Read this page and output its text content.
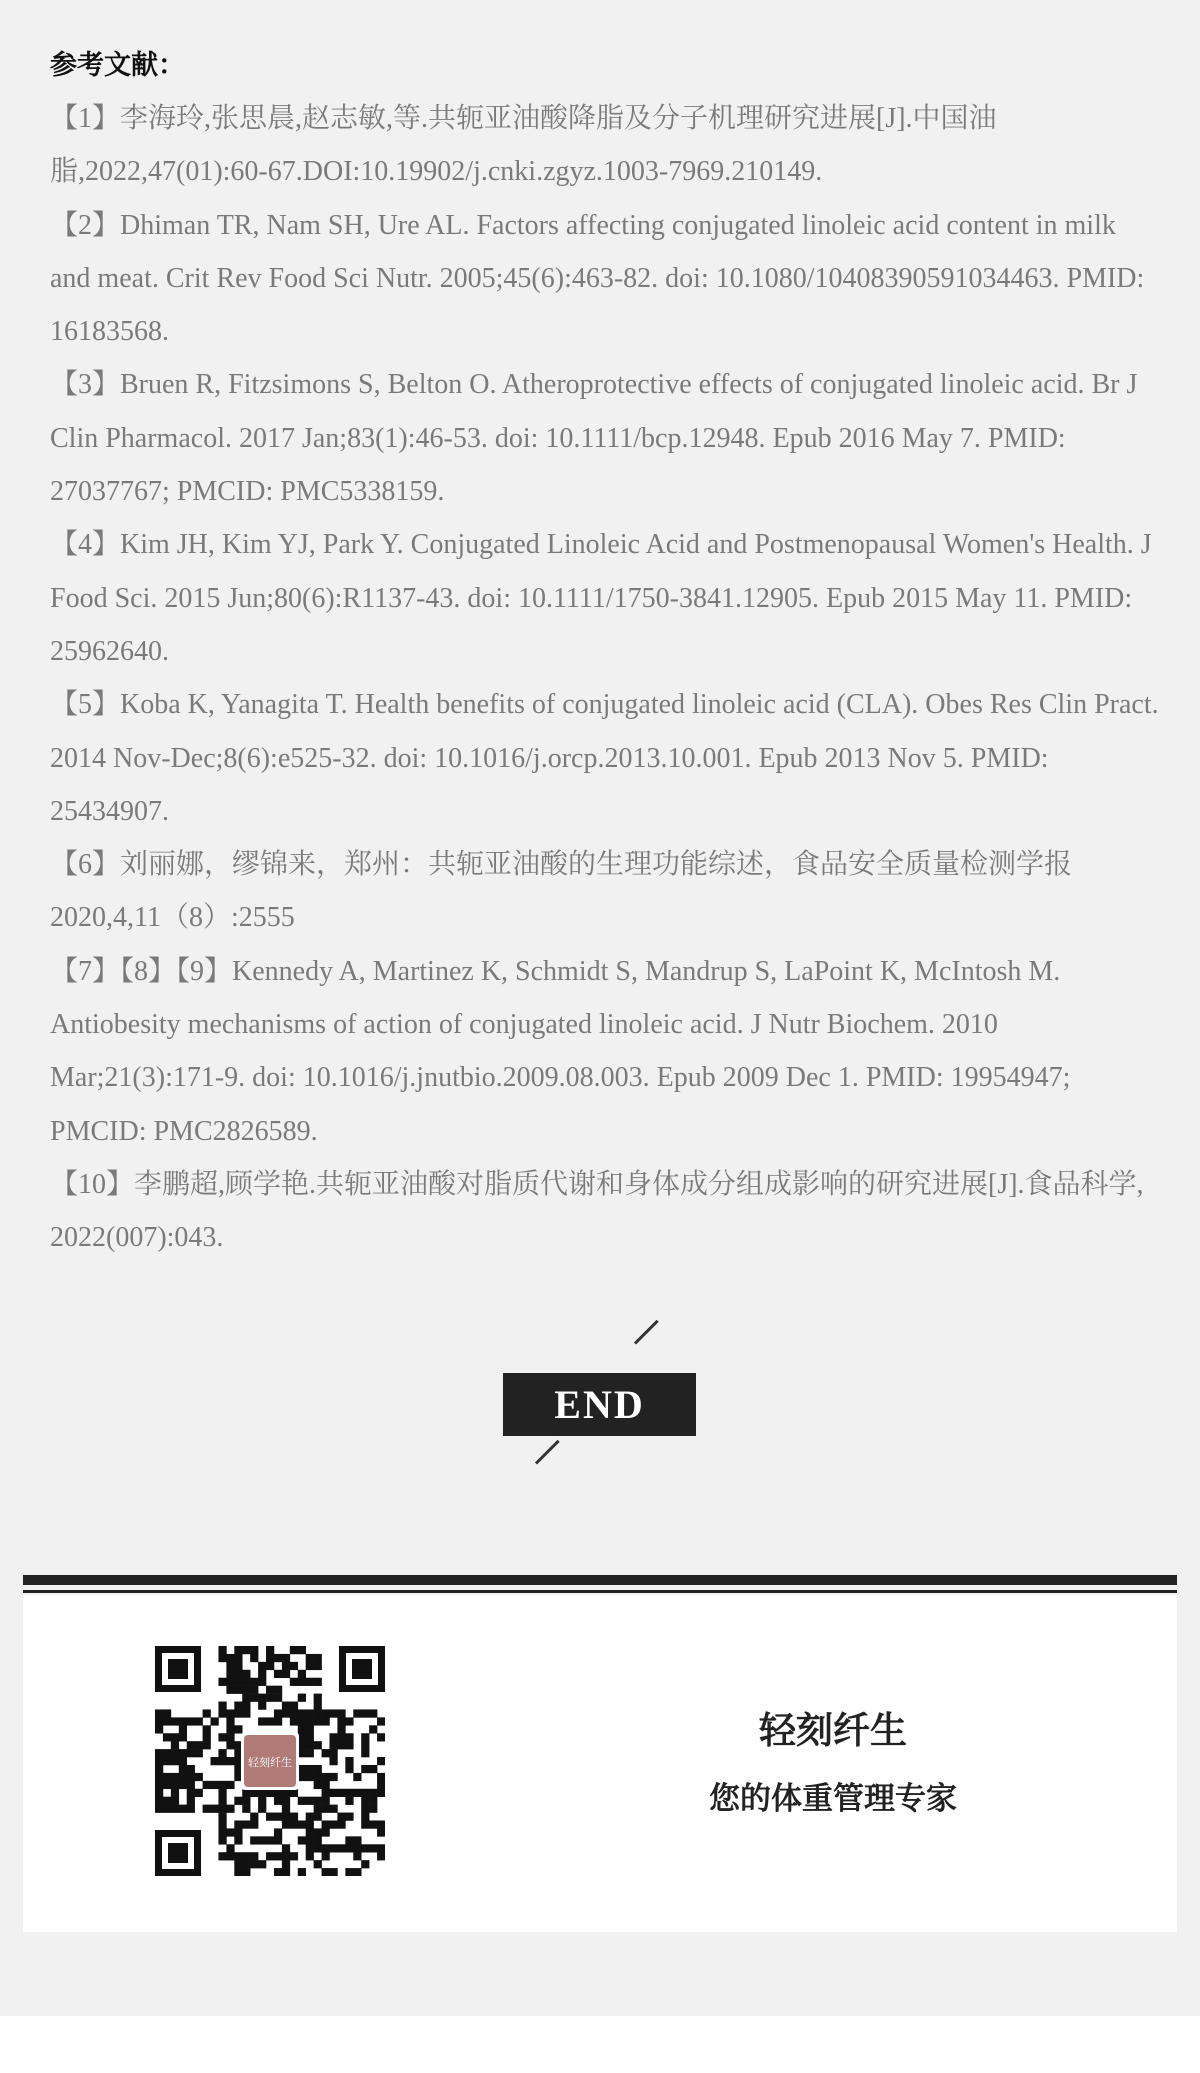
参考文献：

【1】李海玲,张思晨,赵志敏,等.共轭亚油酸降脂及分子机理研究进展[J].中国油脂,2022,47(01):60-67.DOI:10.19902/j.cnki.zgyz.1003-7969.210149.

【2】Dhiman TR, Nam SH, Ure AL. Factors affecting conjugated linoleic acid content in milk and meat. Crit Rev Food Sci Nutr. 2005;45(6):463-82. doi: 10.1080/10408390591034463. PMID: 16183568.

【3】Bruen R, Fitzsimons S, Belton O. Atheroprotective effects of conjugated linoleic acid. Br J Clin Pharmacol. 2017 Jan;83(1):46-53. doi: 10.1111/bcp.12948. Epub 2016 May 7. PMID: 27037767; PMCID: PMC5338159.

【4】Kim JH, Kim YJ, Park Y. Conjugated Linoleic Acid and Postmenopausal Women's Health. J Food Sci. 2015 Jun;80(6):R1137-43. doi: 10.1111/1750-3841.12905. Epub 2015 May 11. PMID: 25962640.

【5】Koba K, Yanagita T. Health benefits of conjugated linoleic acid (CLA). Obes Res Clin Pract. 2014 Nov-Dec;8(6):e525-32. doi: 10.1016/j.orcp.2013.10.001. Epub 2013 Nov 5. PMID: 25434907.

【6】刘丽娜，缪锦来，郑州：共轭亚油酸的生理功能综述，食品安全质量检测学报2020,4,11（8）:2555

【7】【8】【9】Kennedy A, Martinez K, Schmidt S, Mandrup S, LaPoint K, McIntosh M. Antiobesity mechanisms of action of conjugated linoleic acid. J Nutr Biochem. 2010 Mar;21(3):171-9. doi: 10.1016/j.jnutbio.2009.08.003. Epub 2009 Dec 1. PMID: 19954947; PMCID: PMC2826589.

【10】李鹏超,顾学艳.共轭亚油酸对脂质代谢和身体成分组成影响的研究进展[J].食品科学, 2022(007):043.

END
轻刻纤生
轻刻纤生
您的体重管理专家
